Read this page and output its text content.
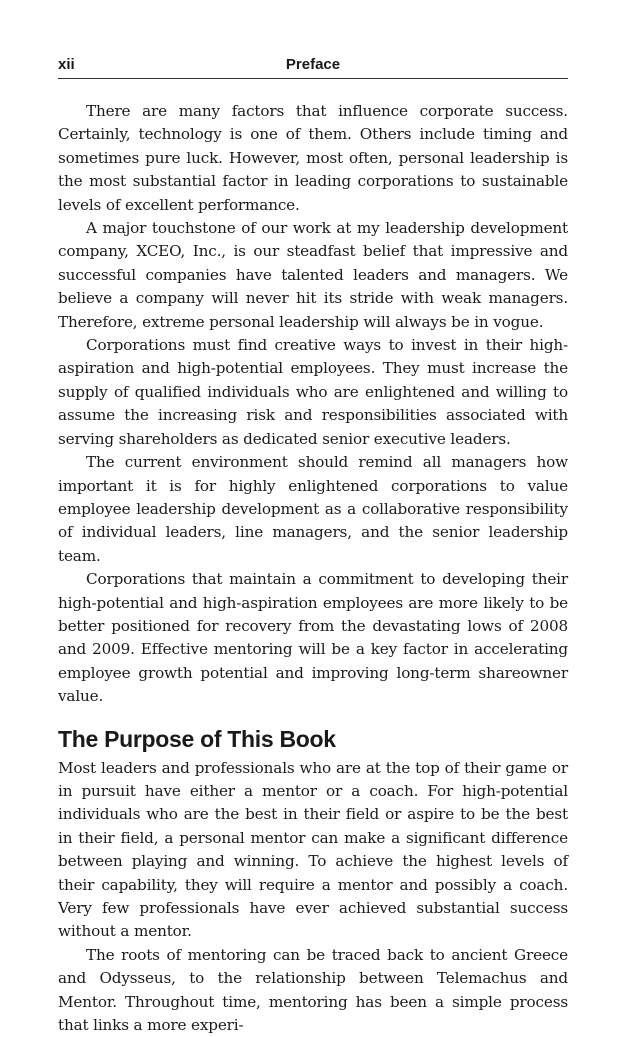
xii	Preface

There are many factors that influence corporate success. Certainly, technology is one of them. Others include timing and sometimes pure luck. However, most often, personal leadership is the most substantial factor in leading corporations to sustainable levels of excellent performance.

A major touchstone of our work at my leadership development company, XCEO, Inc., is our steadfast belief that impressive and successful companies have talented leaders and managers. We believe a company will never hit its stride with weak managers. Therefore, extreme personal leadership will always be in vogue.

Corporations must find creative ways to invest in their high-aspiration and high-potential employees. They must increase the supply of qualified individuals who are enlightened and willing to assume the increasing risk and responsibilities associated with serving shareholders as dedicated senior executive leaders.

The current environment should remind all managers how important it is for highly enlightened corporations to value employee leadership development as a collaborative responsibility of individual leaders, line managers, and the senior leadership team.

Corporations that maintain a commitment to developing their high-potential and high-aspiration employees are more likely to be better positioned for recovery from the devastating lows of 2008 and 2009. Effective mentoring will be a key factor in accelerating employee growth potential and improving long-term shareowner value.

The Purpose of This Book

Most leaders and professionals who are at the top of their game or in pursuit have either a mentor or a coach. For high-potential individuals who are the best in their field or aspire to be the best in their field, a personal mentor can make a significant difference between playing and winning. To achieve the highest levels of their capability, they will require a mentor and possibly a coach. Very few professionals have ever achieved substantial success without a mentor.

The roots of mentoring can be traced back to ancient Greece and Odysseus, to the relationship between Telemachus and Mentor. Throughout time, mentoring has been a simple process that links a more experi-
